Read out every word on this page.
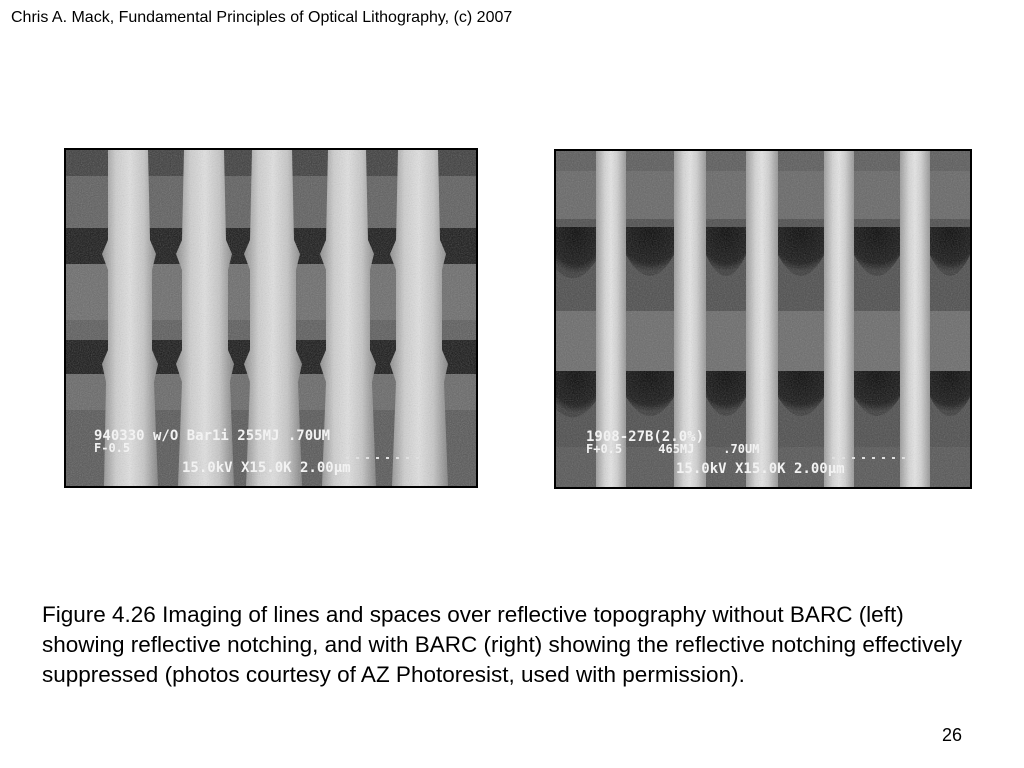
Chris A. Mack, Fundamental Principles of Optical Lithography, (c) 2007
940330 w/O Bar1i 255MJ .70UM
F-0.5
15.0kV X15.0K 2.00μm
1908-27B(2.0%)
F+0.5     465MJ    .70UM
15.0kV X15.0K 2.00μm
Figure 4.26 Imaging of lines and spaces over reflective topography without BARC (left) showing reflective notching, and with BARC (right) showing the reflective notching effectively suppressed (photos courtesy of AZ Photoresist, used with permission).
26
